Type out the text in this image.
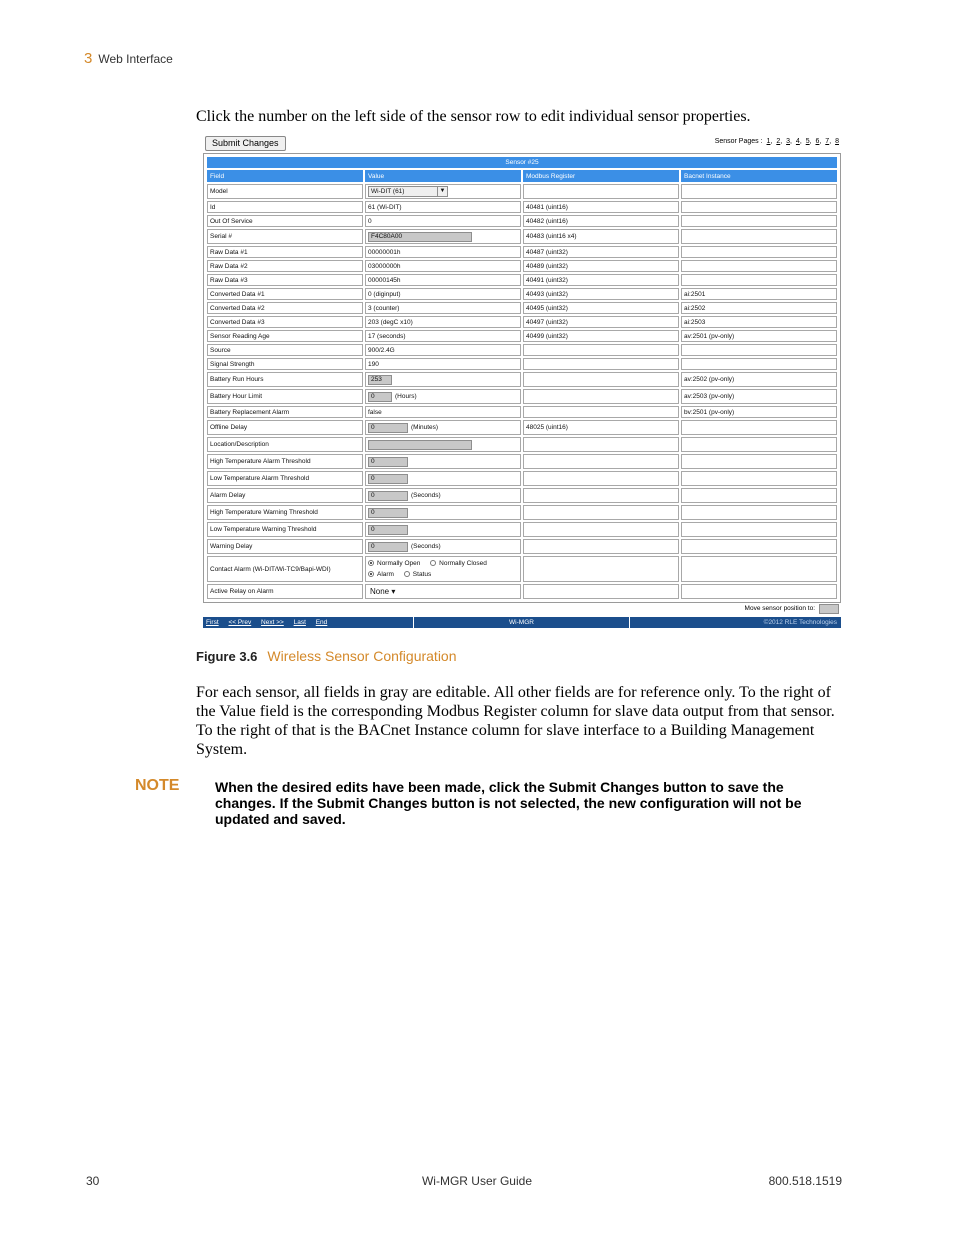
3 Web Interface
Click the number on the left side of the sensor row to edit individual sensor properties.
Submit Changes	Sensor Pages : 1, 2, 3, 4, 5, 6, 7, 8
Sensor #25			
Field	Value	Modbus Register	Bacnet Instance
Model	Wi-DIT (61) ▼		

Id	61 (Wi-DIT)	40481 (uint16)	
Out Of Service	0	40482 (uint16)	
Serial #	F4C80A00	40483 (uint16 x4)	
Raw Data #1	00000001h	40487 (uint32)	
Raw Data #2	03000000h	40489 (uint32)	
Raw Data #3	00000145h	40491 (uint32)	
Converted Data #1	0 (diginput)	40493 (uint32)	ai:2501
Converted Data #2	3 (counter)	40495 (uint32)	ai:2502
Converted Data #3	203 (degC x10)	40497 (uint32)	ai:2503
Sensor Reading Age	17 (seconds)	40499 (uint32)	av:2501 (pv-only)
Source	900/2.4G		
Signal Strength	190		
Battery Run Hours	253		av:2502 (pv-only)
Battery Hour Limit	0 (Hours)		av:2503 (pv-only)
Battery Replacement Alarm	false		bv:2501 (pv-only)
Offline Delay	0 (Minutes)	48025 (uint16)	
Location/Description			
High Temperature Alarm Threshold	0		
Low Temperature Alarm Threshold	0		
Alarm Delay	0 (Seconds)		
High Temperature Warning Threshold	0		
Low Temperature Warning Threshold	0		
Warning Delay	0 (Seconds)		
Contact Alarm (Wi-DIT/Wi-TC9/Bapi-WDI)	Normally Open Normally Closed
Alarm Status		

Active Relay on Alarm	None ▾		
Move sensor position to:
First << Prev Next >> Last End	Wi-MGR	©2012 RLE Technologies
Figure 3.6 Wireless Sensor Configuration
For each sensor, all fields in gray are editable. All other fields are for reference only. To the right of the Value field is the corresponding Modbus Register column for slave data output from that sensor. To the right of that is the BACnet Instance column for slave interface to a Building Management System.
NOTE	When the desired edits have been made, click the Submit Changes button to save the changes. If the Submit Changes button is not selected, the new configuration will not be updated and saved.
30	Wi-MGR User Guide	800.518.1519
